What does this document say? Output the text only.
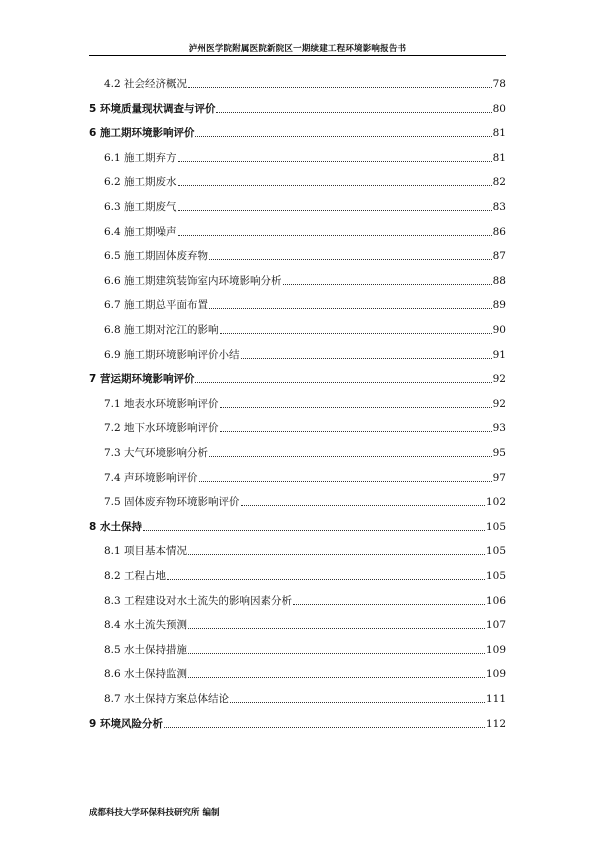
泸州医学院附属医院新院区一期续建工程环境影响报告书
4.2 社会经济概况	78
5 环境质量现状调查与评价	80
6 施工期环境影响评价	81
6.1 施工期弃方	81
6.2 施工期废水	82
6.3 施工期废气	83
6.4 施工期噪声	86
6.5 施工期固体废弃物	87
6.6 施工期建筑装饰室内环境影响分析	88
6.7 施工期总平面布置	89
6.8 施工期对沱江的影响	90
6.9 施工期环境影响评价小结	91
7 营运期环境影响评价	92
7.1 地表水环境影响评价	92
7.2 地下水环境影响评价	93
7.3 大气环境影响分析	95
7.4 声环境影响评价	97
7.5 固体废弃物环境影响评价	102
8 水土保持	105
8.1 项目基本情况	105
8.2 工程占地	105
8.3 工程建设对水土流失的影响因素分析	106
8.4 水土流失预测	107
8.5 水土保持措施	109
8.6 水土保持监测	109
8.7 水土保持方案总体结论	111
9 环境风险分析	112
成都科技大学环保科技研究所 编制
